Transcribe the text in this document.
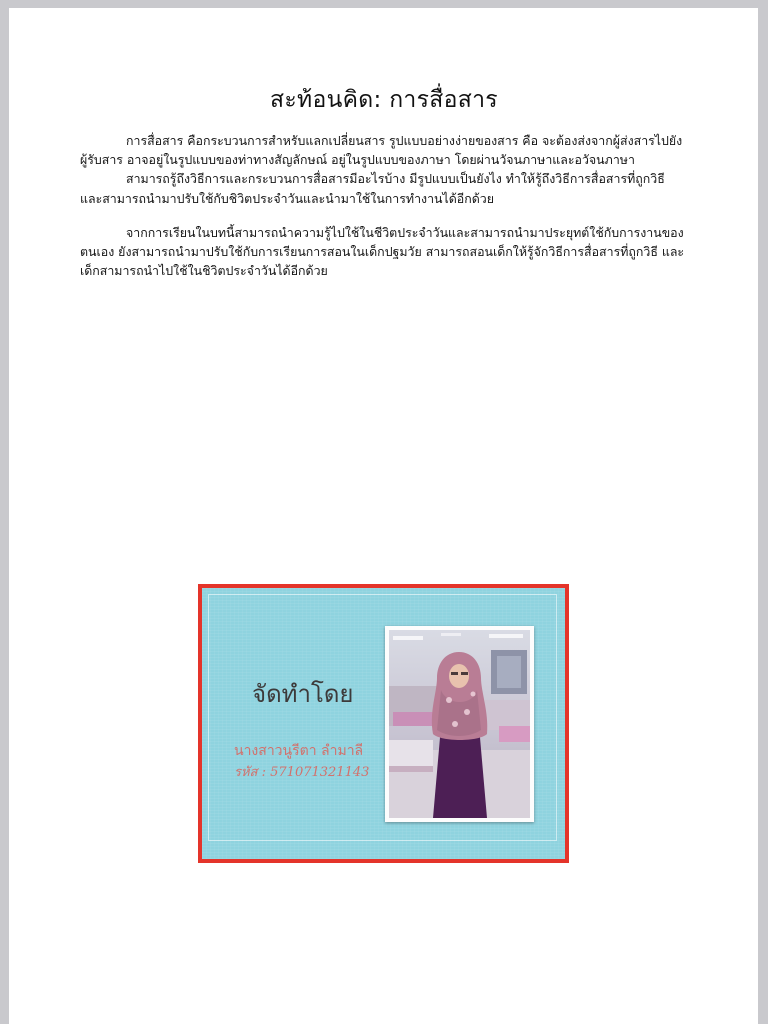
สะท้อนคิด: การสื่อสาร

การสื่อสาร คือกระบวนการสำหรับแลกเปลี่ยนสาร รูปแบบอย่างง่ายของสาร คือ จะต้องส่งจากผู้ส่งสารไปยังผู้รับสาร อาจอยู่ในรูปแบบของท่าทางสัญลักษณ์ อยู่ในรูปแบบของภาษา โดยผ่านวัจนภาษาและอวัจนภาษา

สามารถรู้ถึงวิธีการและกระบวนการสื่อสารมีอะไรบ้าง มีรูปแบบเป็นยังไง ทำให้รู้ถึงวิธีการสื่อสารที่ถูกวิธี และสามารถนำมาปรับใช้กับชิวิตประจำวันและนำมาใช้ในการทำงานได้อีกด้วย

จากการเรียนในบทนี้สามารถนำความรู้ไปใช้ในชีวิตประจำวันและสามารถนำมาประยุทต์ใช้กับการงานของตนเอง ยังสามารถนำมาปรับใช้กับการเรียนการสอนในเด็กปฐมวัย สามารถสอนเด็กให้รู้จักวิธีการสื่อสารที่ถูกวิธี และเด็กสามารถนำไปใช้ในชิวิตประจำวันได้อีกด้วย

จัดทำโดย
นางสาวนูรีตา ลำมาลี
รหัส : 571071321143
